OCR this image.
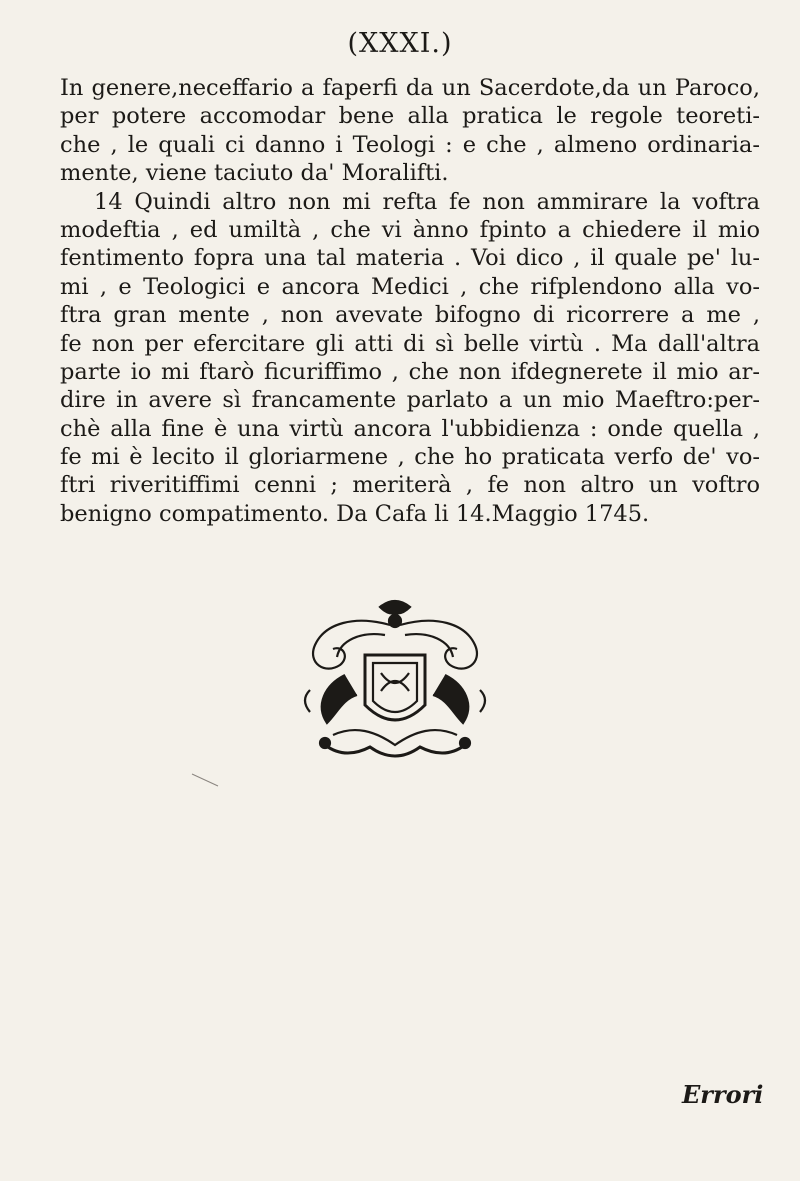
(XXXI.)
In genere,neceffario a faperfi da un Sacerdote,da un Paroco,
per potere accomodar bene alla pratica le regole teoreti-
che , le quali ci danno i Teologi : e che , almeno ordinaria-
mente, viene taciuto da' Moralifti.
14 Quindi altro non mi refta fe non ammirare la voftra
modeftia , ed umiltà , che vi ànno fpinto a chiedere il mio
fentimento fopra una tal materia . Voi dico , il quale pe' lu-
mi , e Teologici e ancora Medici , che rifplendono alla vo-
ftra gran mente , non avevate bifogno di ricorrere a me ,
fe non per efercitare gli atti di sì belle virtù . Ma dall'altra
parte io mi ftarò ficuriffimo , che non ifdegnerete il mio ar-
dire in avere sì francamente parlato a un mio Maeftro:per-
chè alla fine è una virtù ancora l'ubbidienza : onde quella ,
fe mi è lecito il gloriarmene , che ho praticata verfo de' vo-
ftri riveritiffimi cenni ; meriterà , fe non altro un voftro
benigno compatimento. Da Cafa li 14.Maggio 1745.
Errori
